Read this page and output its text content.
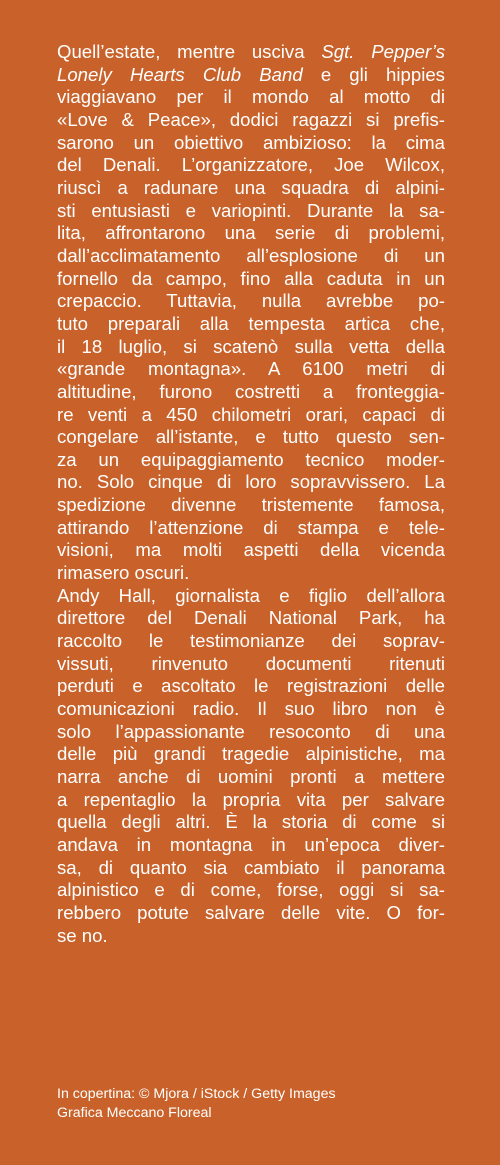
Quell’estate, mentre usciva Sgt. Pepper’s
Lonely Hearts Club Band e gli hippies
viaggiavano per il mondo al motto di
«Love & Peace», dodici ragazzi si prefis-
sarono un obiettivo ambizioso: la cima
del Denali. L’organizzatore, Joe Wilcox,
riuscì a radunare una squadra di alpini-
sti entusiasti e variopinti. Durante la sa-
lita, affrontarono una serie di problemi,
dall’acclimatamento all’esplosione di un
fornello da campo, fino alla caduta in un
crepaccio. Tuttavia, nulla avrebbe po-
tuto preparali alla tempesta artica che,
il 18 luglio, si scatenò sulla vetta della
«grande montagna». A 6100 metri di
altitudine, furono costretti a fronteggia-
re venti a 450 chilometri orari, capaci di
congelare all’istante, e tutto questo sen-
za un equipaggiamento tecnico moder-
no. Solo cinque di loro sopravvissero. La
spedizione divenne tristemente famosa,
attirando l’attenzione di stampa e tele-
visioni, ma molti aspetti della vicenda
rimasero oscuri.
Andy Hall, giornalista e figlio dell’allora
direttore del Denali National Park, ha
raccolto le testimonianze dei soprav-
vissuti, rinvenuto documenti ritenuti
perduti e ascoltato le registrazioni delle
comunicazioni radio. Il suo libro non è
solo l’appassionante resoconto di una
delle più grandi tragedie alpinistiche, ma
narra anche di uomini pronti a mettere
a repentaglio la propria vita per salvare
quella degli altri. È la storia di come si
andava in montagna in un’epoca diver-
sa, di quanto sia cambiato il panorama
alpinistico e di come, forse, oggi si sa-
rebbero potute salvare delle vite. O for-
se no.
In copertina: © Mjora / iStock / Getty Images
Grafica Meccano Floreal
